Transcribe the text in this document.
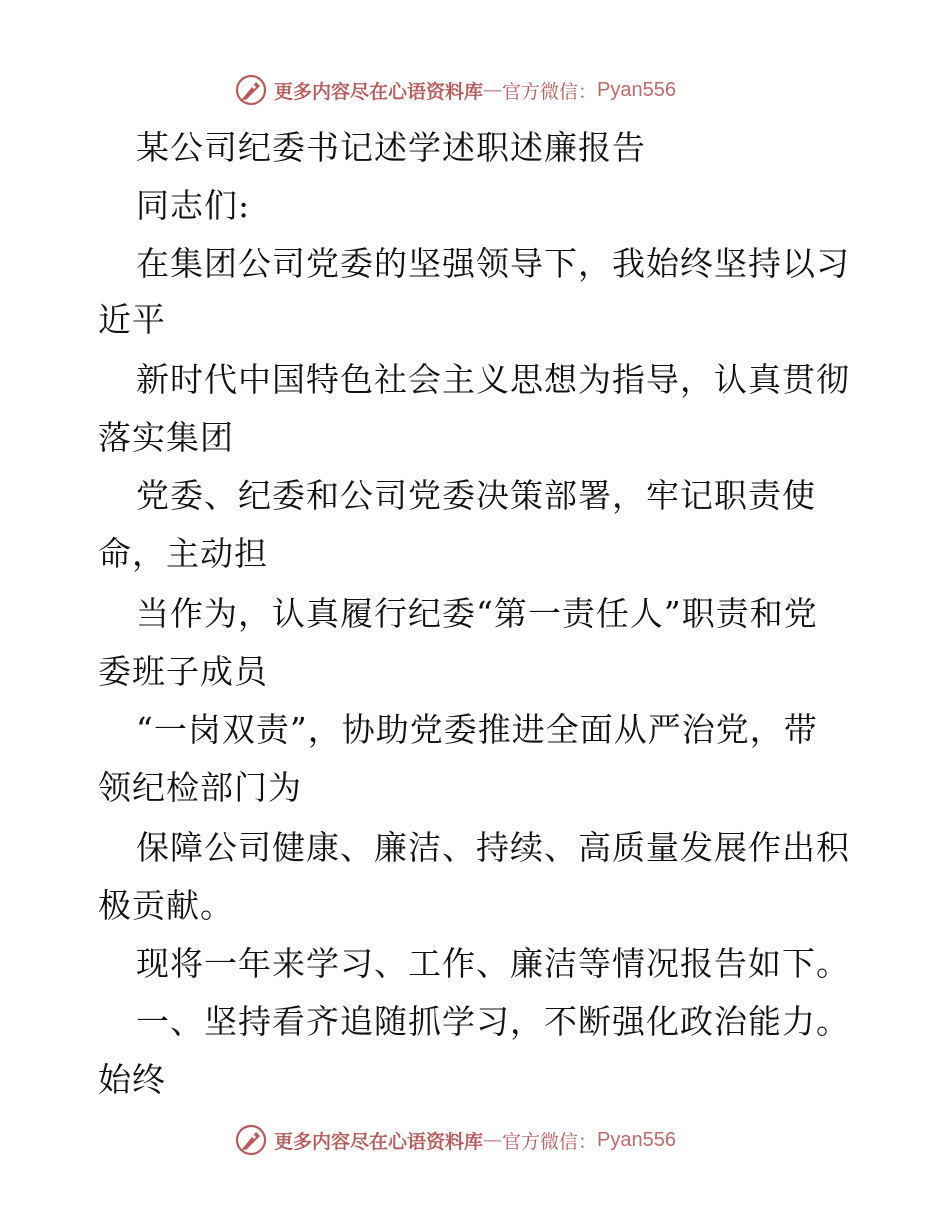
更多内容尽在心语资料库 — 官方微信： Pyan556
某公司纪委书记述学述职述廉报告
同志们:
在集团公司党委的坚强领导下，我始终坚持以习
近平
新时代中国特色社会主义思想为指导，认真贯彻
落实集团
党委、纪委和公司党委决策部署，牢记职责使
命，主动担
当作为，认真履行纪委“第一责任人”职责和党
委班子成员
“一岗双责”，协助党委推进全面从严治党，带
领纪检部门为
保障公司健康、廉洁、持续、高质量发展作出积
极贡献。
现将一年来学习、工作、廉洁等情况报告如下。
一、坚持看齐追随抓学习，不断强化政治能力。
始终
更多内容尽在心语资料库 — 官方微信： Pyan556
